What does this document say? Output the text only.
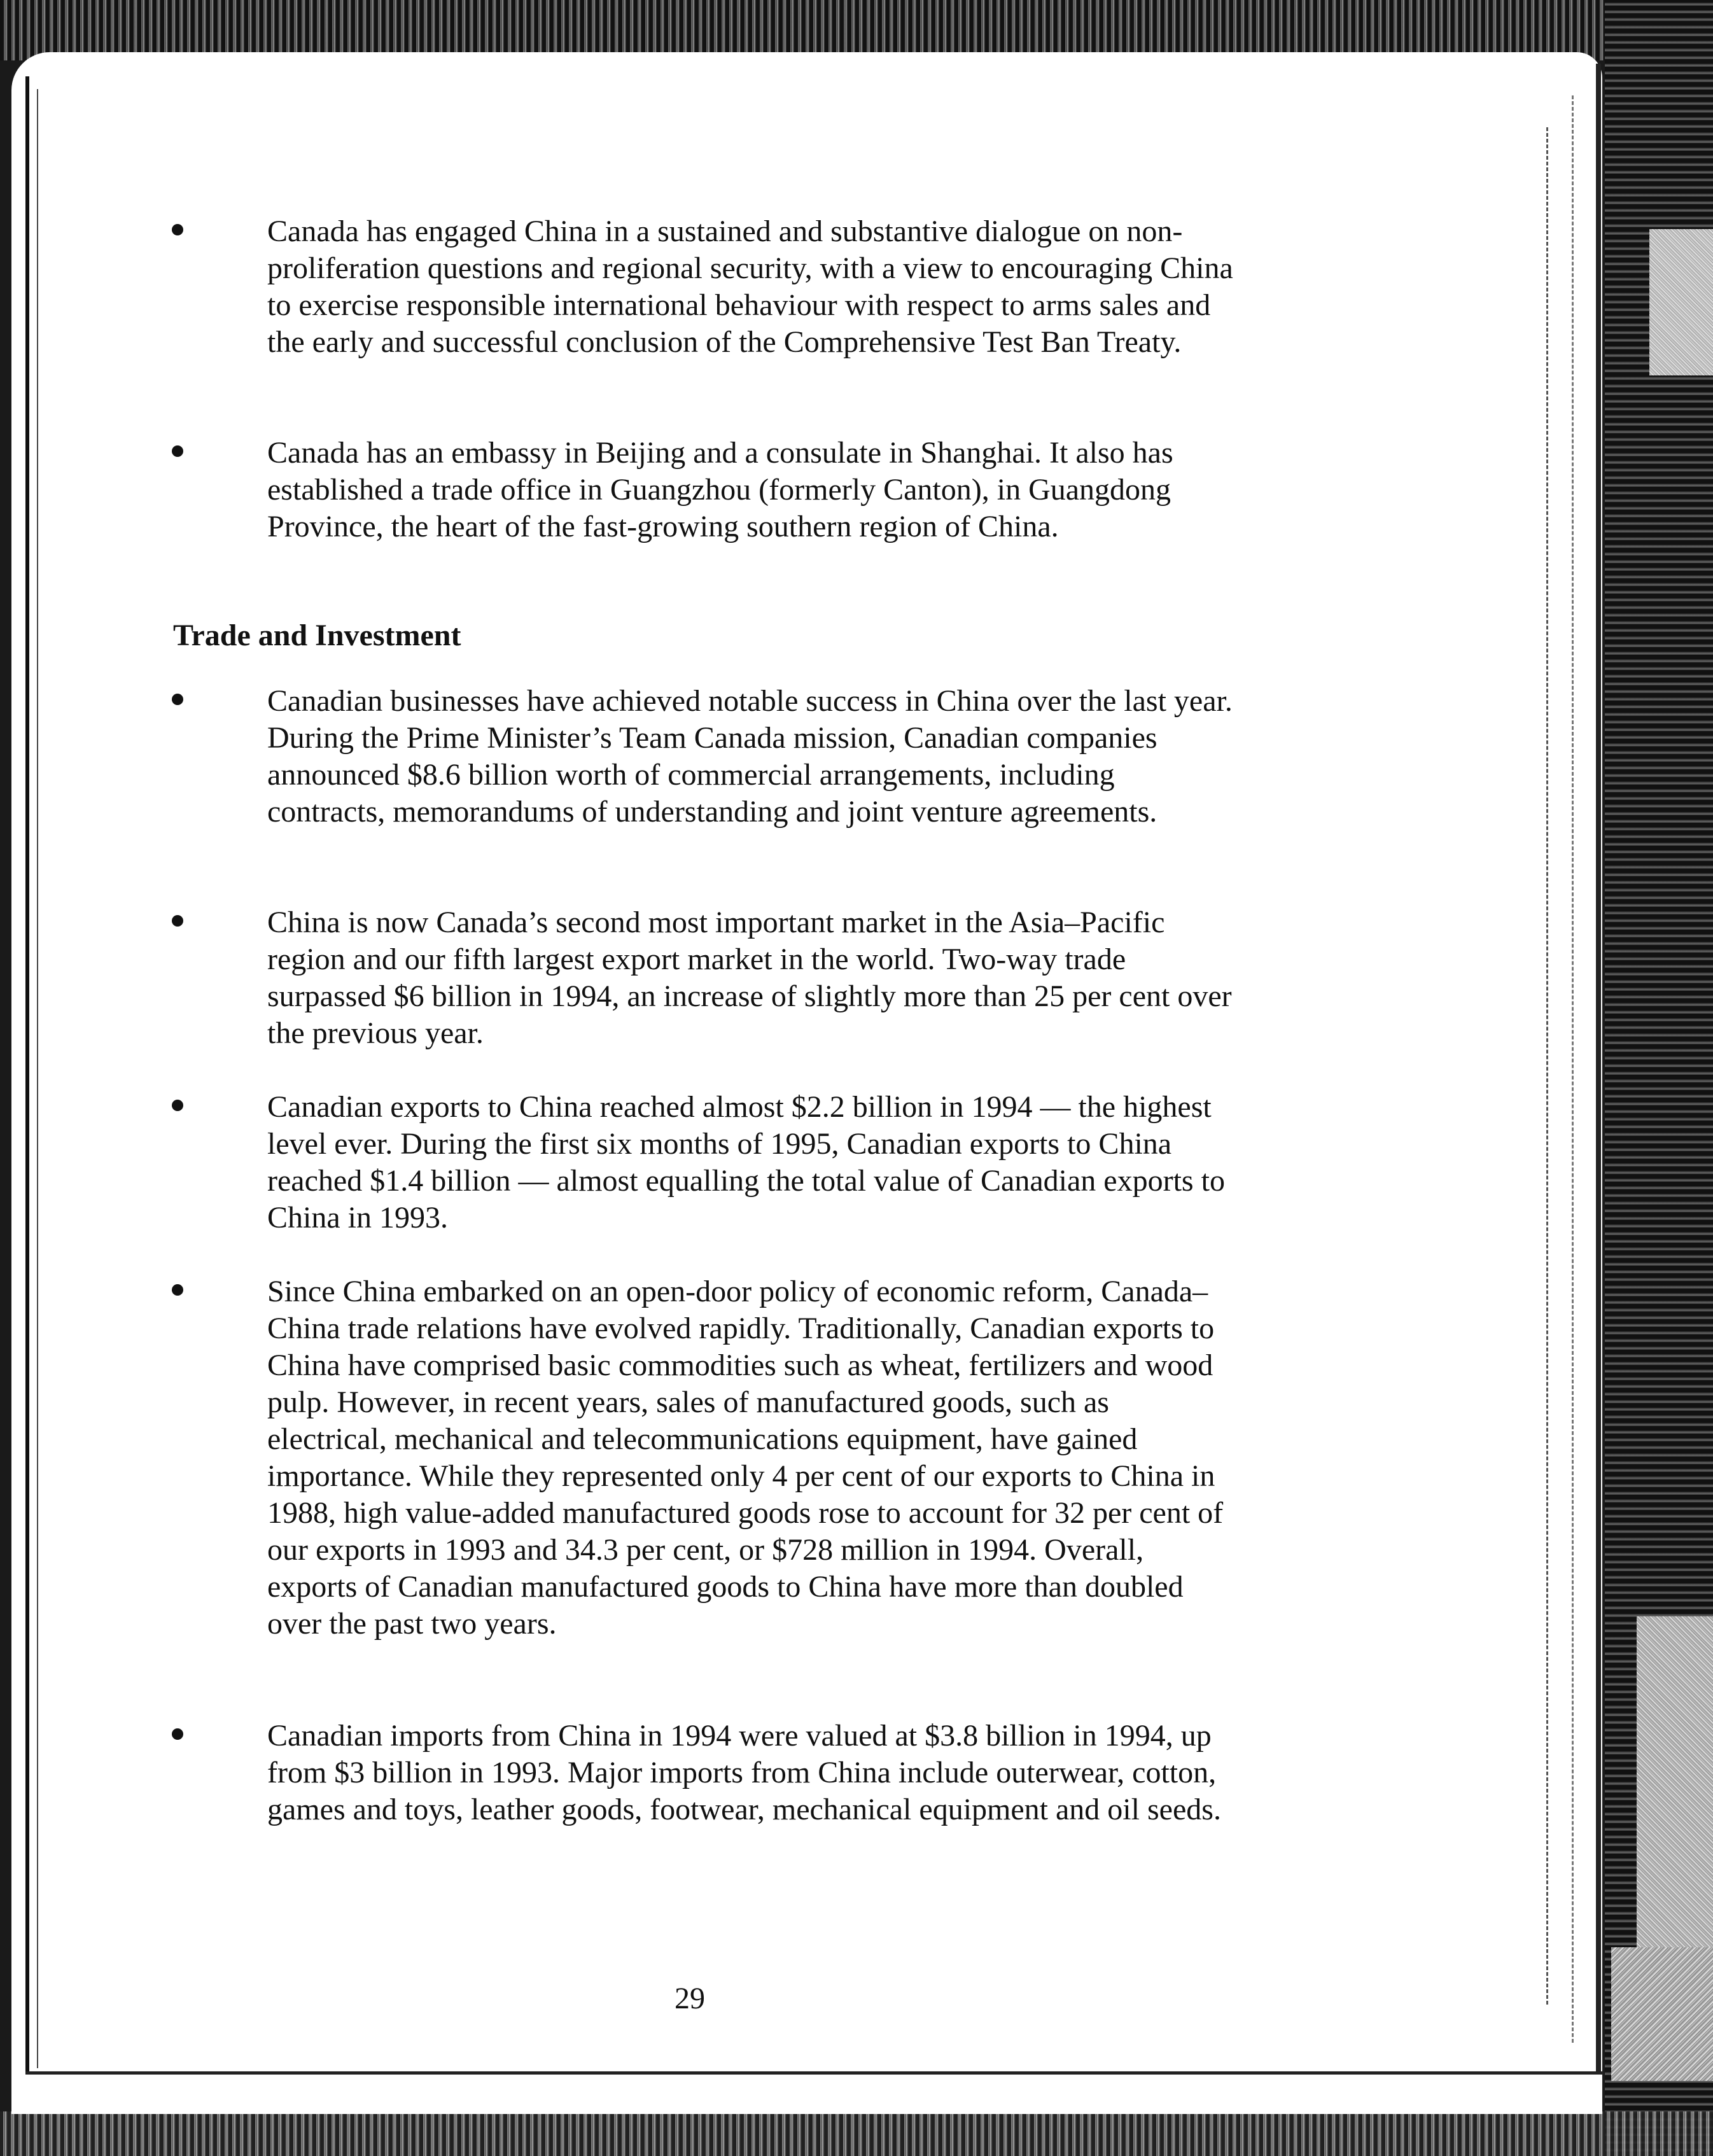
Canada has engaged China in a sustained and substantive dialogue on non-proliferation questions and regional security, with a view to encouraging China to exercise responsible international behaviour with respect to arms sales and the early and successful conclusion of the Comprehensive Test Ban Treaty.

Canada has an embassy in Beijing and a consulate in Shanghai. It also has established a trade office in Guangzhou (formerly Canton), in Guangdong Province, the heart of the fast-growing southern region of China.

Trade and Investment

Canadian businesses have achieved notable success in China over the last year. During the Prime Minister’s Team Canada mission, Canadian companies announced $8.6 billion worth of commercial arrangements, including contracts, memorandums of understanding and joint venture agreements.

China is now Canada’s second most important market in the Asia–Pacific region and our fifth largest export market in the world. Two-way trade surpassed $6 billion in 1994, an increase of slightly more than 25 per cent over the previous year.

Canadian exports to China reached almost $2.2 billion in 1994 — the highest level ever. During the first six months of 1995, Canadian exports to China reached $1.4 billion — almost equalling the total value of Canadian exports to China in 1993.

Since China embarked on an open-door policy of economic reform, Canada–China trade relations have evolved rapidly. Traditionally, Canadian exports to China have comprised basic commodities such as wheat, fertilizers and wood pulp. However, in recent years, sales of manufactured goods, such as electrical, mechanical and telecommunications equipment, have gained importance. While they represented only 4 per cent of our exports to China in 1988, high value-added manufactured goods rose to account for 32 per cent of our exports in 1993 and 34.3 per cent, or $728 million in 1994. Overall, exports of Canadian manufactured goods to China have more than doubled over the past two years.

Canadian imports from China in 1994 were valued at $3.8 billion in 1994, up from $3 billion in 1993. Major imports from China include outerwear, cotton, games and toys, leather goods, footwear, mechanical equipment and oil seeds.

29
